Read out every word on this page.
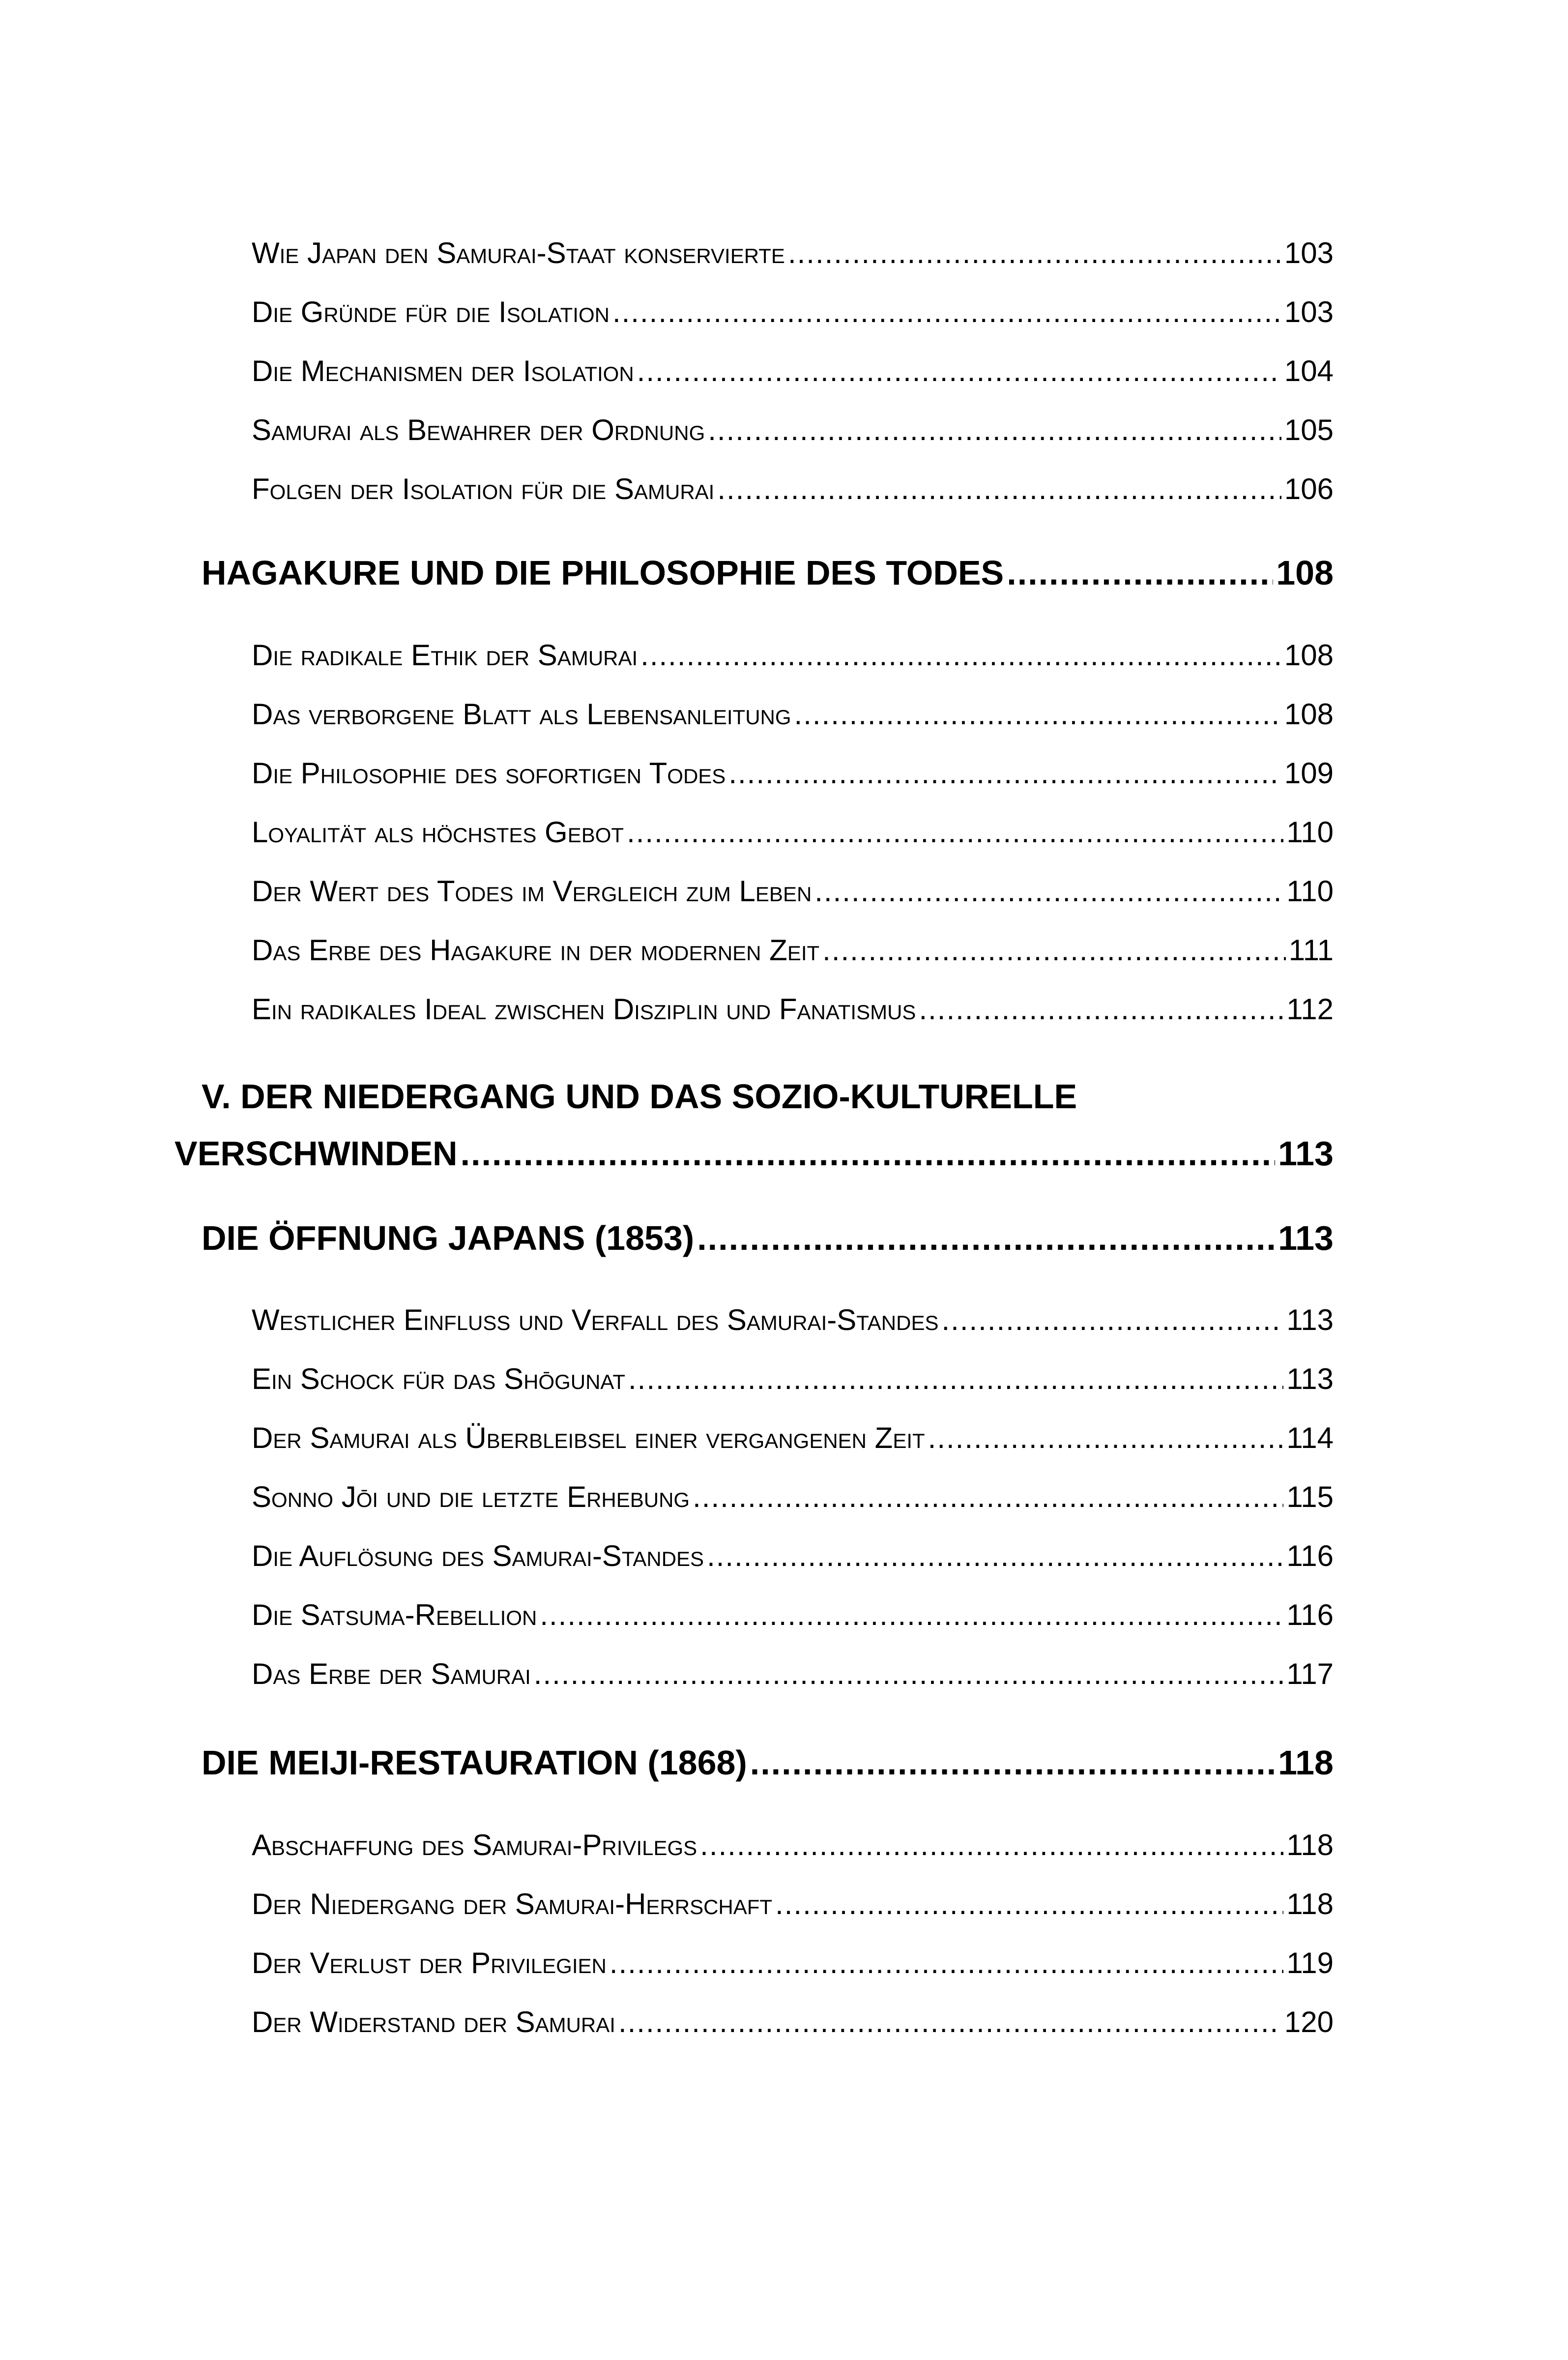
Wie Japan den Samurai-Staat konservierte .....	103
Die Gründe für die Isolation .....	103
Die Mechanismen der Isolation .....	104
Samurai als Bewahrer der Ordnung .....	105
Folgen der Isolation für die Samurai .....	106
HAGAKURE UND DIE PHILOSOPHIE DES TODES .....	108
Die radikale Ethik der Samurai .....	108
Das verborgene Blatt als Lebensanleitung .....	108
Die Philosophie des sofortigen Todes .....	109
Loyalität als höchstes Gebot .....	110
Der Wert des Todes im Vergleich zum Leben .....	110
Das Erbe des Hagakure in der modernen Zeit .....	111
Ein radikales Ideal zwischen Disziplin und Fanatismus .....	112
V. DER NIEDERGANG UND DAS SOZIO-KULTURELLE
VERSCHWINDEN .....	113
DIE ÖFFNUNG JAPANS (1853) .....	113
Westlicher Einfluss und Verfall des Samurai-Standes .....	113
Ein Schock für das Shōgunat .....	113
Der Samurai als Überbleibsel einer vergangenen Zeit .....	114
Sonno Jōi und die letzte Erhebung .....	115
Die Auflösung des Samurai-Standes .....	116
Die Satsuma-Rebellion .....	116
Das Erbe der Samurai .....	117
DIE MEIJI-RESTAURATION (1868) .....	118
Abschaffung des Samurai-Privilegs .....	118
Der Niedergang der Samurai-Herrschaft .....	118
Der Verlust der Privilegien .....	119
Der Widerstand der Samurai .....	120
